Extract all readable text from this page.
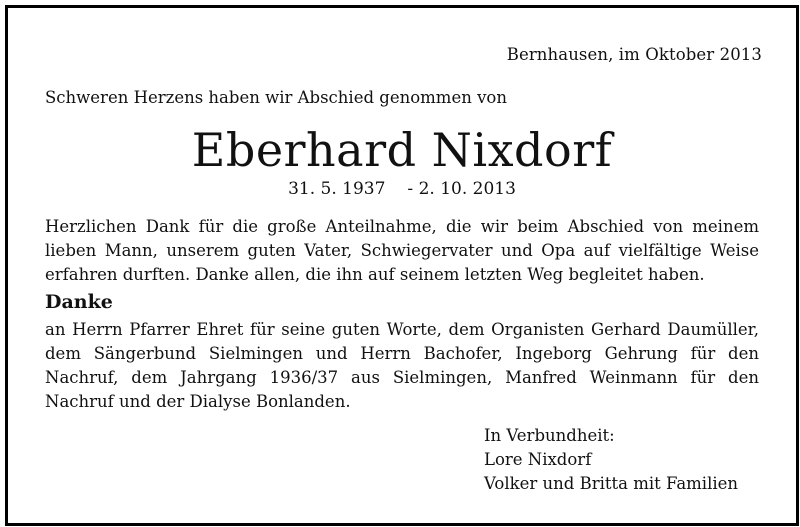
Bernhausen, im Oktober 2013
Schweren Herzens haben wir Abschied genommen von
Eberhard Nixdorf
31. 5. 1937 - 2. 10. 2013
Herzlichen Dank für die große Anteilnahme, die wir beim Abschied von meinem lieben Mann, unserem guten Vater, Schwiegervater und Opa auf vielfältige Weise erfahren durften. Danke allen, die ihn auf seinem letzten Weg begleitet haben.
Danke
an Herrn Pfarrer Ehret für seine guten Worte, dem Organisten Gerhard Daumüller, dem Sängerbund Sielmingen und Herrn Bachofer, Ingeborg Gehrung für den Nachruf, dem Jahrgang 1936/37 aus Sielmingen, Manfred Weinmann für den Nachruf und der Dialyse Bonlanden.
In Verbundheit:
Lore Nixdorf
Volker und Britta mit Familien
